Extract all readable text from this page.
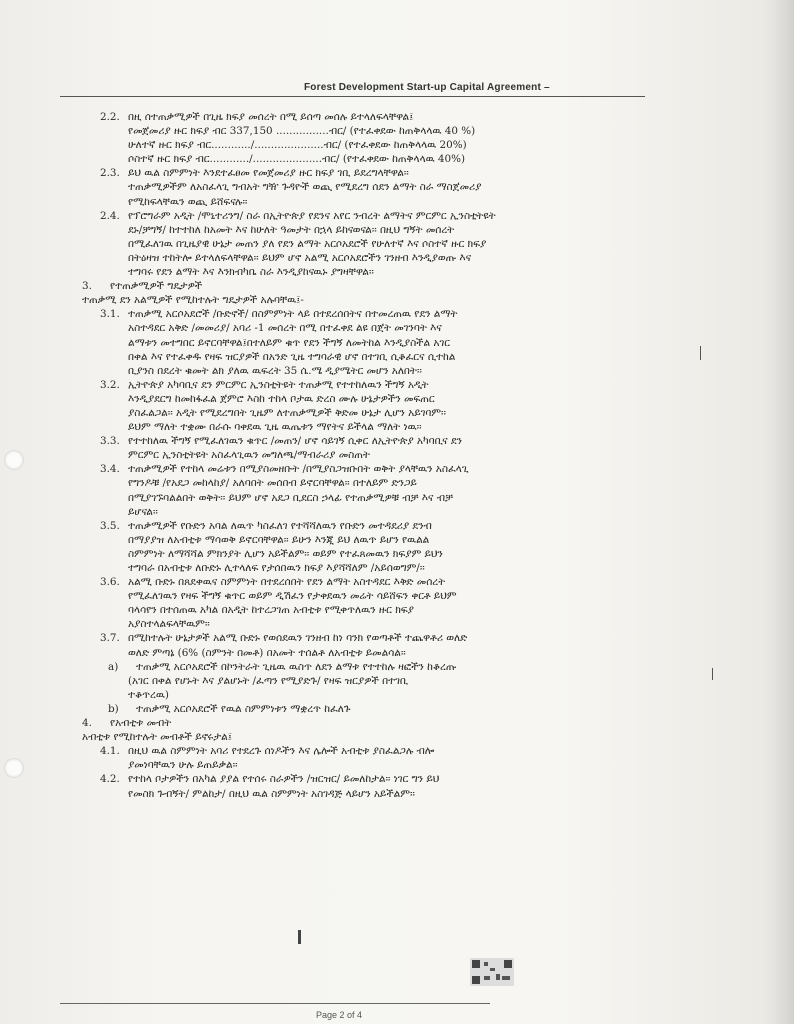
Forest Development Start-up Capital Agreement –
2.2. በዚ ሰተጠቃሚዎች በጊዜ ክፍያ መሰረት በሚ ይሰጣ መሰሉ ይተላለፍላቸዋል፤
የመጀመሪያ ዙር ክፍያ ብር 337,150 ................ብር/ (የተፈቀደው ከጠቅላላዉ 40 %)
ሁለተኛ ዙር ክፍያ ብር............/.....................ብር/ (የተፈቀደው ከጠቅላላዉ 20%)
ሶስተኛ ዙር ክፍያ ብር............/.....................ብር/ (የተፈቀደው ከጠቅላላዉ 40%)
2.3. ይህ ዉል ስምምነት እንደተፈፀመ የመጀመሪያ ዙር ክፍያ ገቢ ይደረግላቸዋል፡፡
ተጠቃሚዎችም ለአስፈላጊ ግብአት ግዥ ጉዳዮች ወጪ የሚደረግ ሰደን ልማት ስራ ማስጀመሪያ
የሚከፍላቸዉን ወጪ ይሸፍናሉ፡፡
2.4. የፕሮግራም አዲት /ሞኒተሪንግ/ ስራ በኢትዮጵያ የደንና አየር ንብረት ልማትና ምርምር ኢንስቲትዩት
ደኑ/ቻግኝ/ ከተተከለ ከአመት እና ከሁለት ዓመታት በኋላ ይከናወናል፡፡ በዚህ ግኝት መሰረት
በሚፈለገዉ በጊዜያዊ ሁኔታ መጠን ያለ የደን ልማት አርሶአደሮች የሁለተኛ እና ሶስተኛ ዙር ክፍያ
በትዕዛዝ ተከትሎ ይተላለፍላቸዋል፡፡ ይህም ሆኖ አልሚ አርሶአደሮችን ገንዘብ እንዲያወጡ እና
ተግባሩ የደን ልማት እና እንክብካቤ ስራ እንዲያከናዉኑ ያግዛቸዋል፡፡
3. የተጠቃሚዎች ግዴታዎች
ተጠቃሚ ደን አልሚዎች የሚከተሉት ግዴታዎች አሉባቸዉ፤-
3.1. ተጠቃሚ አርሶአደሮች /ቡድኖች/ በስምምነት ላይ በተደረሰበትና በተመረጠዉ የደን ልማት
አስተዳደር አቅድ /መመሪያ/ አባሪ -1 መሰረት በሚ በተፈቀደ ልዩ በጀት መገንባት እና
ልማቱን መተግበር ይኖርባቸዋል፤በተለይም ቁጥ የደን ችግኝ ለመትከል እንዲያስችል አገር
በቀል እና የተፈቀዱ የዛፍ ዝርያዎች በአንድ ጊዜ ተግባራዊ ሆኖ በተገቢ ሲቆፈርና ሲተከል
ቢያንስ በደረት ቁመት ልክ ያለዉ ዉፍረት 35 ሴ.ሜ ዲያሜትር መሆን አለበት፡፡
3.2. ኢትዮጵያ አካባቢና ደን ምርምር ኢንስቲትዩት ተጠቃሚ የተተከለዉን ችግኝ አዲት
እንዲያደርግ ከመከፋፈል ጀምሮ እስከ ተከላ ቦታዉ ድረስ ሙሉ ሁኔታዎችን መፍጠር
ያስፈልጋል፡፡ አዲት የሚደረግበት ጊዜም ለተጠቃሚዎች ቅድመ ሁኔታ ሊሆን አይገባም፡፡
ይህም ማለት ተቋሙ በራሱ ባቀደዉ ጊዜ ዉጤቱን ማየትና ይችላል ማለት ነዉ፡፡
3.3. የተተከለዉ ችግኝ የሚፈለገዉን ቁጥር /መጠን/ ሆኖ ሳይገኝ ሲቀር ለኢትዮጵያ አካባቢና ደን
ምርምር ኢንስቲትዩት አስፈላጊዉን መግለጫ/ማብራሪያ መስጠት
3.4. ተጠቃሚዎች የተከላ መሬቱን በሚያስመዘቡት /በሚያስጋዝቡበት ወቅት ያላቸዉን አስፈላጊ
የግንዶቹ /የአደጋ መከላከያ/ አለባበት መሰበብ ይኖርባቸዋል፡፡ በተለይም ድንጋይ
በሚያገኙባልልበት ወቅት፡፡ ይህም ሆኖ አደጋ ቢደርስ ኃላፊ የተጠቃሚዎቹ ብቻ እና ብቻ
ይሆናል፡፡
3.5. ተጠቃሚዎች የቡድን አባል ለዉጥ ካስፈለገ የተሻሻለዉን የቡድን መተዳደሪያ ደንብ
በማያያዝ ለአብቲቱ ማሳወቅ ይኖርባቸዋል፡፡ ይሁን እንጂ ይህ ለዉጥ ይሆን የዉልል
ስምምነት ለማሻሻል ምክንያት ሊሆን አይችልም፡፡ ወይም የተፈጸመዉን ክፍያም ይህን
ተግባራ በአብቲቱ ለቡድኑ ሊተላለፍ የታሰበዉን ክፍያ እያሻሻለም /አይሰወግም/፡፡
3.6. አልሚ ቡድኑ በጸደቀዉና ስምምነት በተደረሰበት የደን ልማት አስተዳደር እቅድ መሰረት
የሚፈለገዉን የዛፍ ችግኝ ቁጥር ወይም ዲሽፈን የታቀደዉን መሬት ሳይሸፍን ቀርቶ ይህም
ባላሳየን በተሰጠዉ አካል በአዲት ከተረጋገጠ አብቲቱ የሚቀጥለዉን ዙር ክፍያ
አያስተላልፍላቸዉም፡፡
3.7. በሚከተሉት ሁኔታዎች አልሚ ቡድኑ የወሰደዉን ገንዘብ ከነ ባንክ የወጣቶች ተጨዋቶሪ ወለድ
ወለድ ምጣኔ (6% (ስምንት በመቶ) በአመት ተሰልቶ ለአብቲቱ ይመልሳል፡፡
a) ተጠቃሚ አርሶአደሮች በኮንትራት ጊዜዉ ዉስጥ ለደን ልማቱ የተተከሉ ዛፎችን ከቆረጡ
(አገር በቀል የሆኑት እና ያልሆኑት /ፈጣን የሚያድጉ/ የዛፍ ዝርያዎች በተገቢ
ተቆጥረዉ)
b) ተጠቃሚ አርሶአደሮች የዉል ስምምነቱን ማቋረጥ ከፈለጉ
4. የአብቲቱ መብት
አብቲቱ የሚከተሉት መብቶች ይኖሩታል፤
4.1. በዚህ ዉል ስምምነት አባሪ የተደረጉ ሰነዶችን እና ሌሎች አብቲቱ ያስፈልጋሉ ብሎ
ያመነባቸዉን ሁሉ ይጠይቃል፡፡
4.2. የተከላ ቦታዎችን በአካል ያያል የተሰሩ ስራዎችን /ዝርዝር/ ይመለከታል፡፡ ነገር ግን ይህ
የመስክ ጉብኝት/ ምልከታ/ በዚህ ዉል ስምምነት አስገዳጅ ላይሆን አይችልም፡፡
Page 2 of 4
